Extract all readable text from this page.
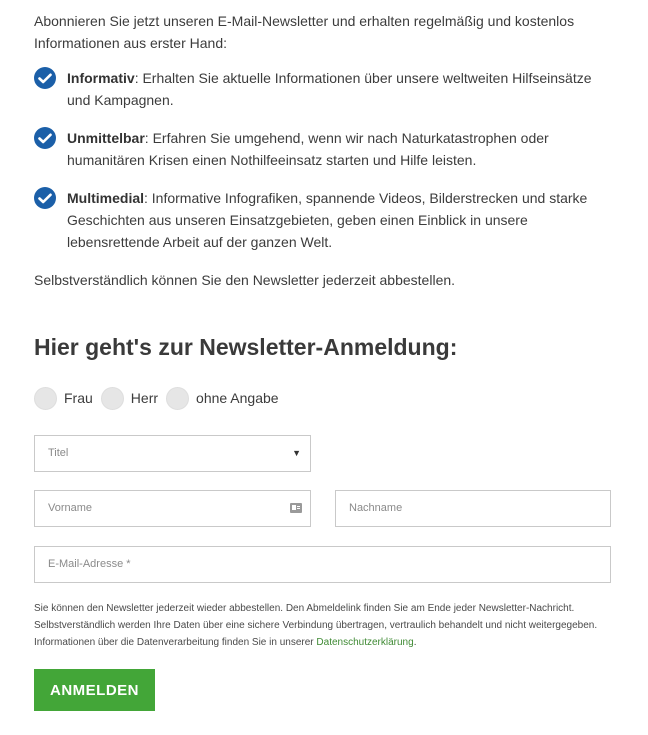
Abonnieren Sie jetzt unseren E-Mail-Newsletter und erhalten regelmäßig und kostenlos Informationen aus erster Hand:

Informativ: Erhalten Sie aktuelle Informationen über unsere weltweiten Hilfseinsätze und Kampagnen.
Unmittelbar: Erfahren Sie umgehend, wenn wir nach Naturkatastrophen oder humanitären Krisen einen Nothilfeeinsatz starten und Hilfe leisten.
Multimedial: Informative Infografiken, spannende Videos, Bilderstrecken und starke Geschichten aus unseren Einsatzgebieten, geben einen Einblick in unsere lebensrettende Arbeit auf der ganzen Welt.

Selbstverständlich können Sie den Newsletter jederzeit abbestellen.

Hier geht's zur Newsletter-Anmeldung:
Frau	Herr	ohne Angabe
Titel	▼
Vorname	Nachname
E-Mail-Adresse *

Sie können den Newsletter jederzeit wieder abbestellen. Den Abmeldelink finden Sie am Ende jeder Newsletter-Nachricht. Selbstverständlich werden Ihre Daten über eine sichere Verbindung übertragen, vertraulich behandelt und nicht weitergegeben. Informationen über die Datenverarbeitung finden Sie in unserer Datenschutzerklärung.

ANMELDEN
